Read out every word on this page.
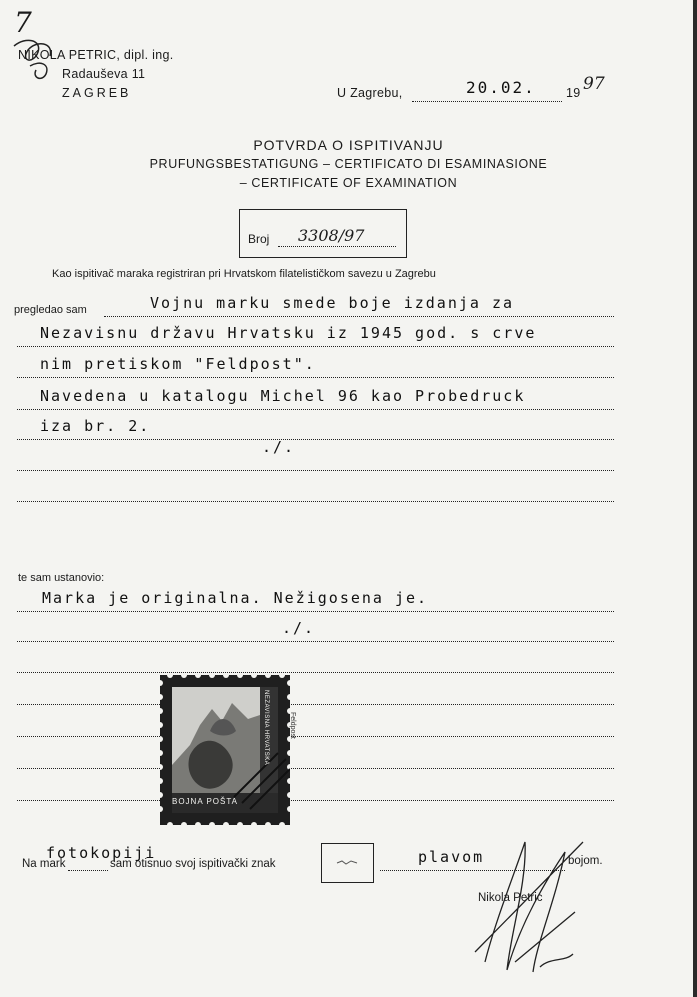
7
NIKOLA PETRIC, dipl. ing.
Radauševa 11
ZAGREB	U Zagrebu,	20.02. 19 97
POTVRDA O ISPITIVANJU
PRUFUNGSBESTATIGUNG – CERTIFICATO DI ESAMINASIONE
– CERTIFICATE OF EXAMINATION
Broj 3308/97
Kao ispitivač maraka registriran pri Hrvatskom filatelističkom savezu u Zagrebu
pregledao sam	Vojnu marku smede boje izdanja za
Nezavisnu državu Hrvatsku iz 1945 god. s crve
nim pretiskom "Feldpost".
Navedena u katalogu Michel 96 kao Probedruck
iza br. 2.
./.
te sam ustanovio:
Marka je originalna. Nežigosena je.
./.
BOJNA POŠTA
NEZAVISNA HRVATSKA	Feldpost
Na mark
fotokopiji
sam otisnuo svoj ispitivački znak	plavom	bojom.
Nikola Petric
